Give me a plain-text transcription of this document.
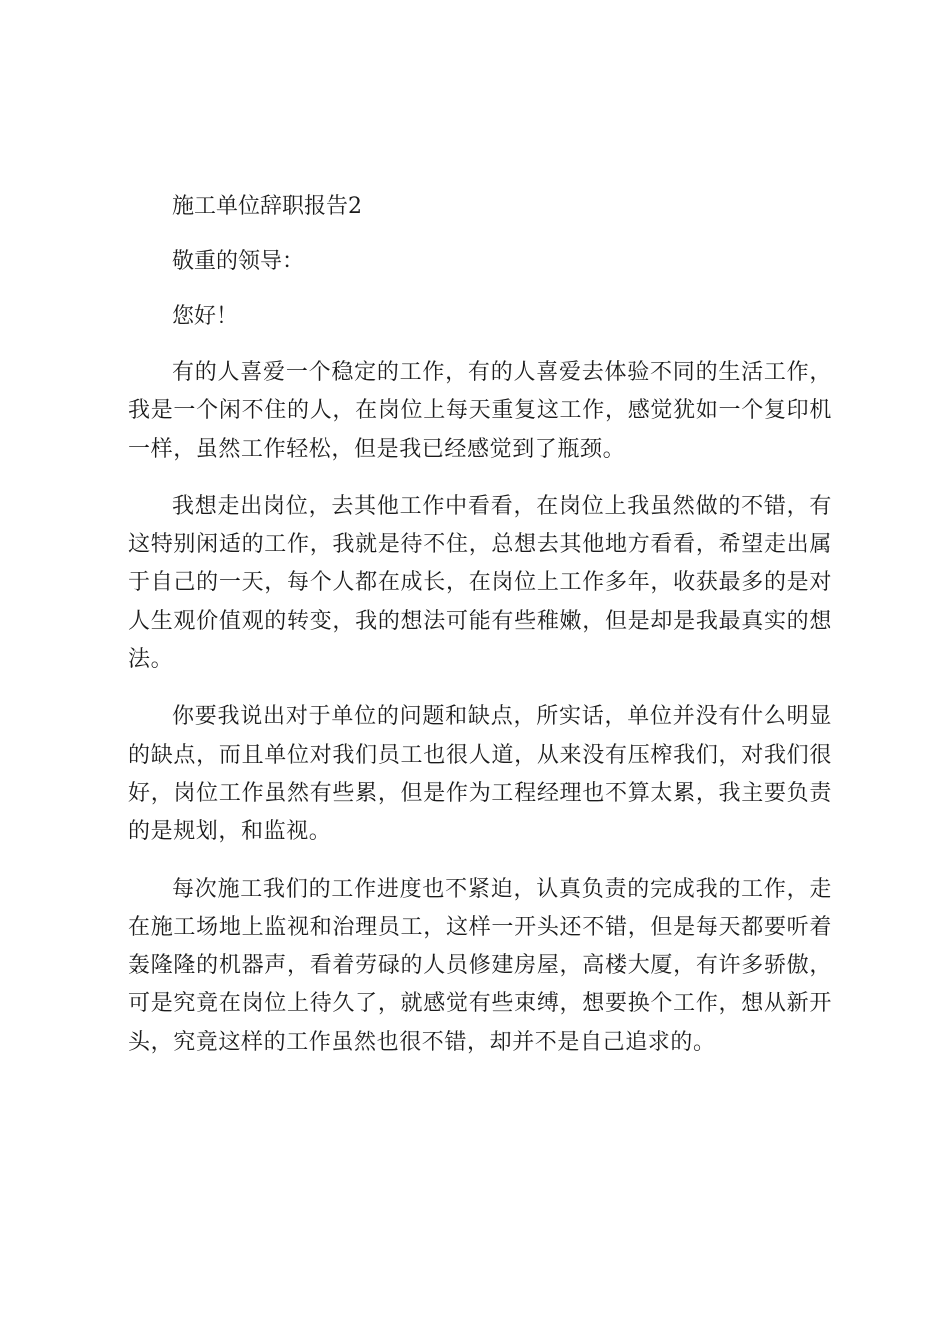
施工单位辞职报告2

敬重的领导：

您好！

有的人喜爱一个稳定的工作，有的人喜爱去体验不同的生活工作，我是一个闲不住的人，在岗位上每天重复这工作，感觉犹如一个复印机一样，虽然工作轻松，但是我已经感觉到了瓶颈。

我想走出岗位，去其他工作中看看，在岗位上我虽然做的不错，有这特别闲适的工作，我就是待不住，总想去其他地方看看，希望走出属于自己的一天，每个人都在成长，在岗位上工作多年，收获最多的是对人生观价值观的转变，我的想法可能有些稚嫩，但是却是我最真实的想法。

你要我说出对于单位的问题和缺点，所实话，单位并没有什么明显的缺点，而且单位对我们员工也很人道，从来没有压榨我们，对我们很好，岗位工作虽然有些累，但是作为工程经理也不算太累，我主要负责的是规划，和监视。

每次施工我们的工作进度也不紧迫，认真负责的完成我的工作，走在施工场地上监视和治理员工，这样一开头还不错，但是每天都要听着轰隆隆的机器声，看着劳碌的人员修建房屋，高楼大厦，有许多骄傲，可是究竟在岗位上待久了，就感觉有些束缚，想要换个工作，想从新开头，究竟这样的工作虽然也很不错，却并不是自己追求的。
